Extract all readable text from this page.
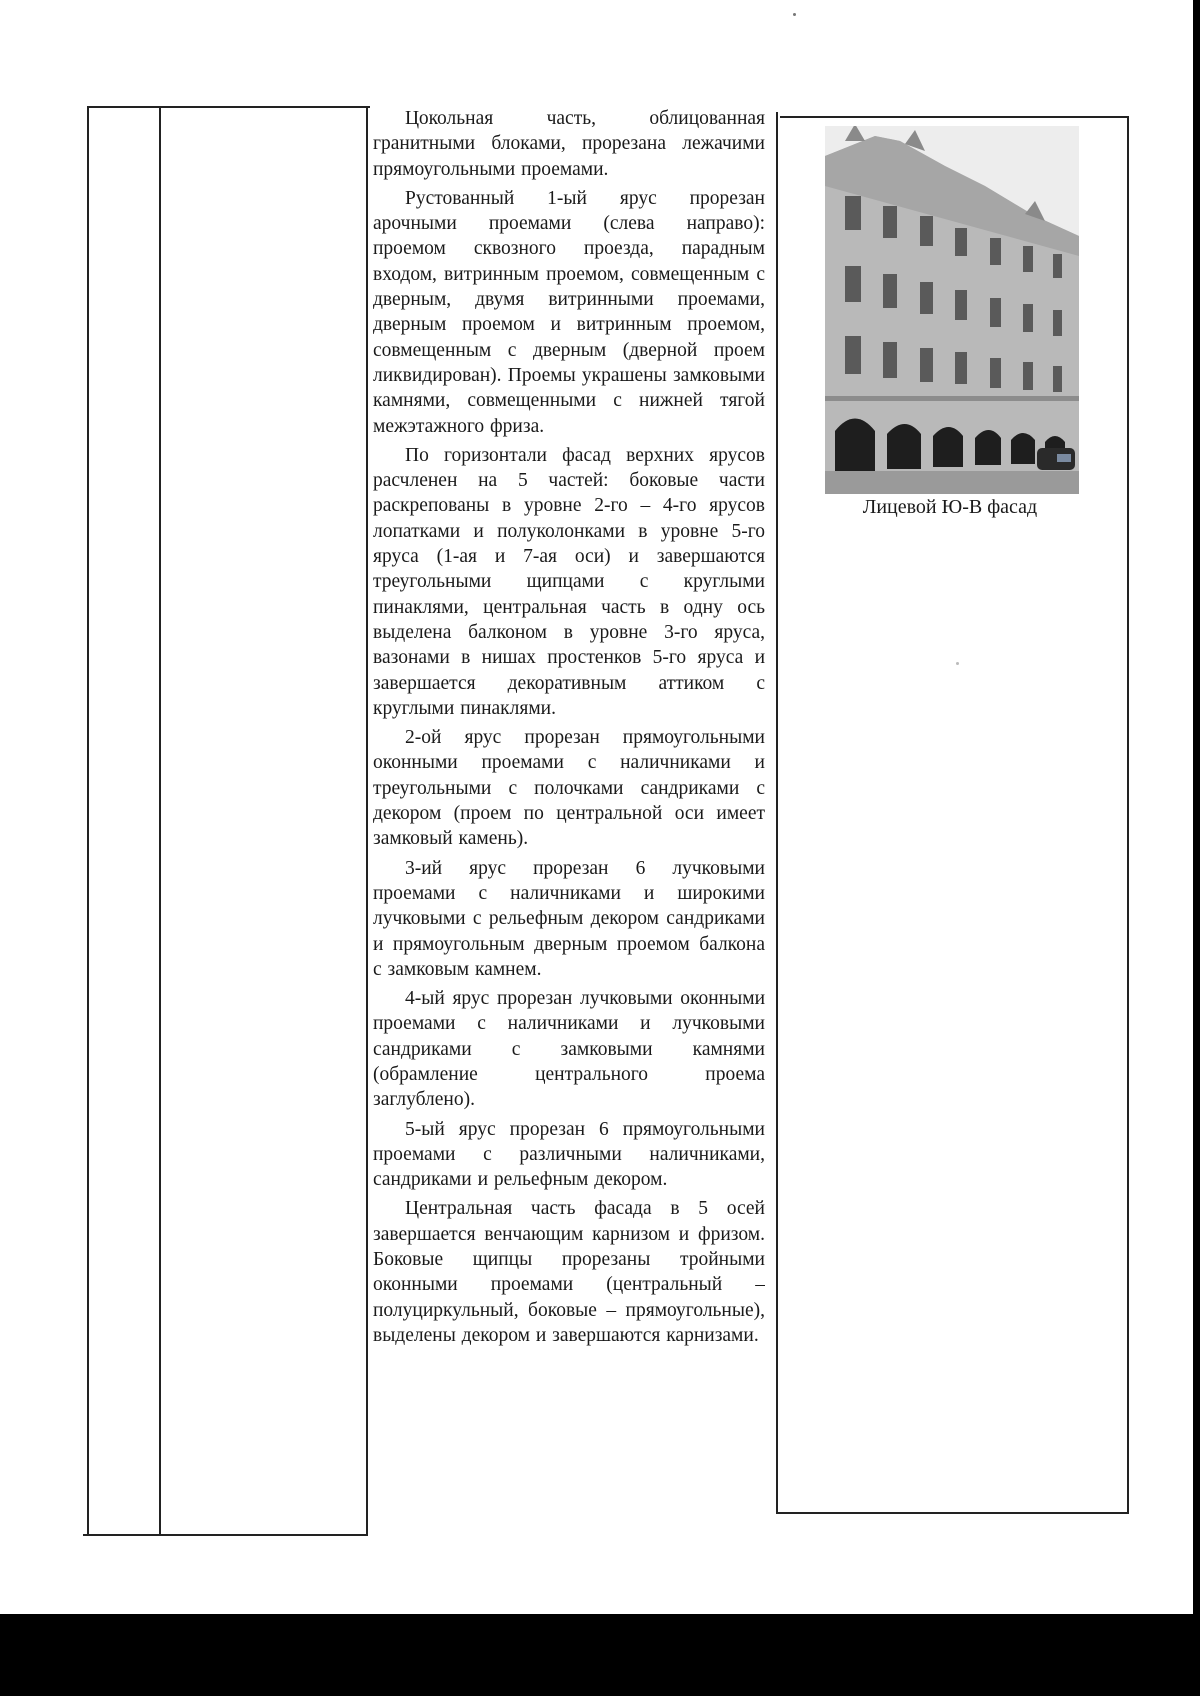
Цокольная часть, облицованная гранитными блоками, прорезана лежачими прямоугольными проемами.

Рустованный 1-ый ярус прорезан арочными проемами (слева направо): проемом сквозного проезда, парадным входом, витринным проемом, совмещенным с дверным, двумя витринными проемами, дверным проемом и витринным проемом, совмещенным с дверным (дверной проем ликвидирован). Проемы украшены замковыми камнями, совмещенными с нижней тягой межэтажного фриза.

По горизонтали фасад верхних ярусов расчленен на 5 частей: боковые части раскрепованы в уровне 2-го – 4-го ярусов лопатками и полуколонками в уровне 5-го яруса (1-ая и 7-ая оси) и завершаются треугольными щипцами с круглыми пинаклями, центральная часть в одну ось выделена балконом в уровне 3-го яруса, вазонами в нишах простенков 5-го яруса и завершается декоративным аттиком с круглыми пинаклями.

2-ой ярус прорезан прямоугольными оконными проемами с наличниками и треугольными с полочками сандриками с декором (проем по центральной оси имеет замковый камень).

3-ий ярус прорезан 6 лучковыми проемами с наличниками и широкими лучковыми с рельефным декором сандриками и прямоугольным дверным проемом балкона с замковым камнем.

4-ый ярус прорезан лучковыми оконными проемами с наличниками и лучковыми сандриками с замковыми камнями (обрамление центрального проема заглублено).

5-ый ярус прорезан 6 прямоугольными проемами с различными наличниками, сандриками и рельефным декором.

Центральная часть фасада в 5 осей завершается венчающим карнизом и фризом. Боковые щипцы прорезаны тройными оконными проемами (центральный – полуциркульный, боковые – прямоугольные), выделены декором и завершаются карнизами.

Лицевой Ю-В фасад
